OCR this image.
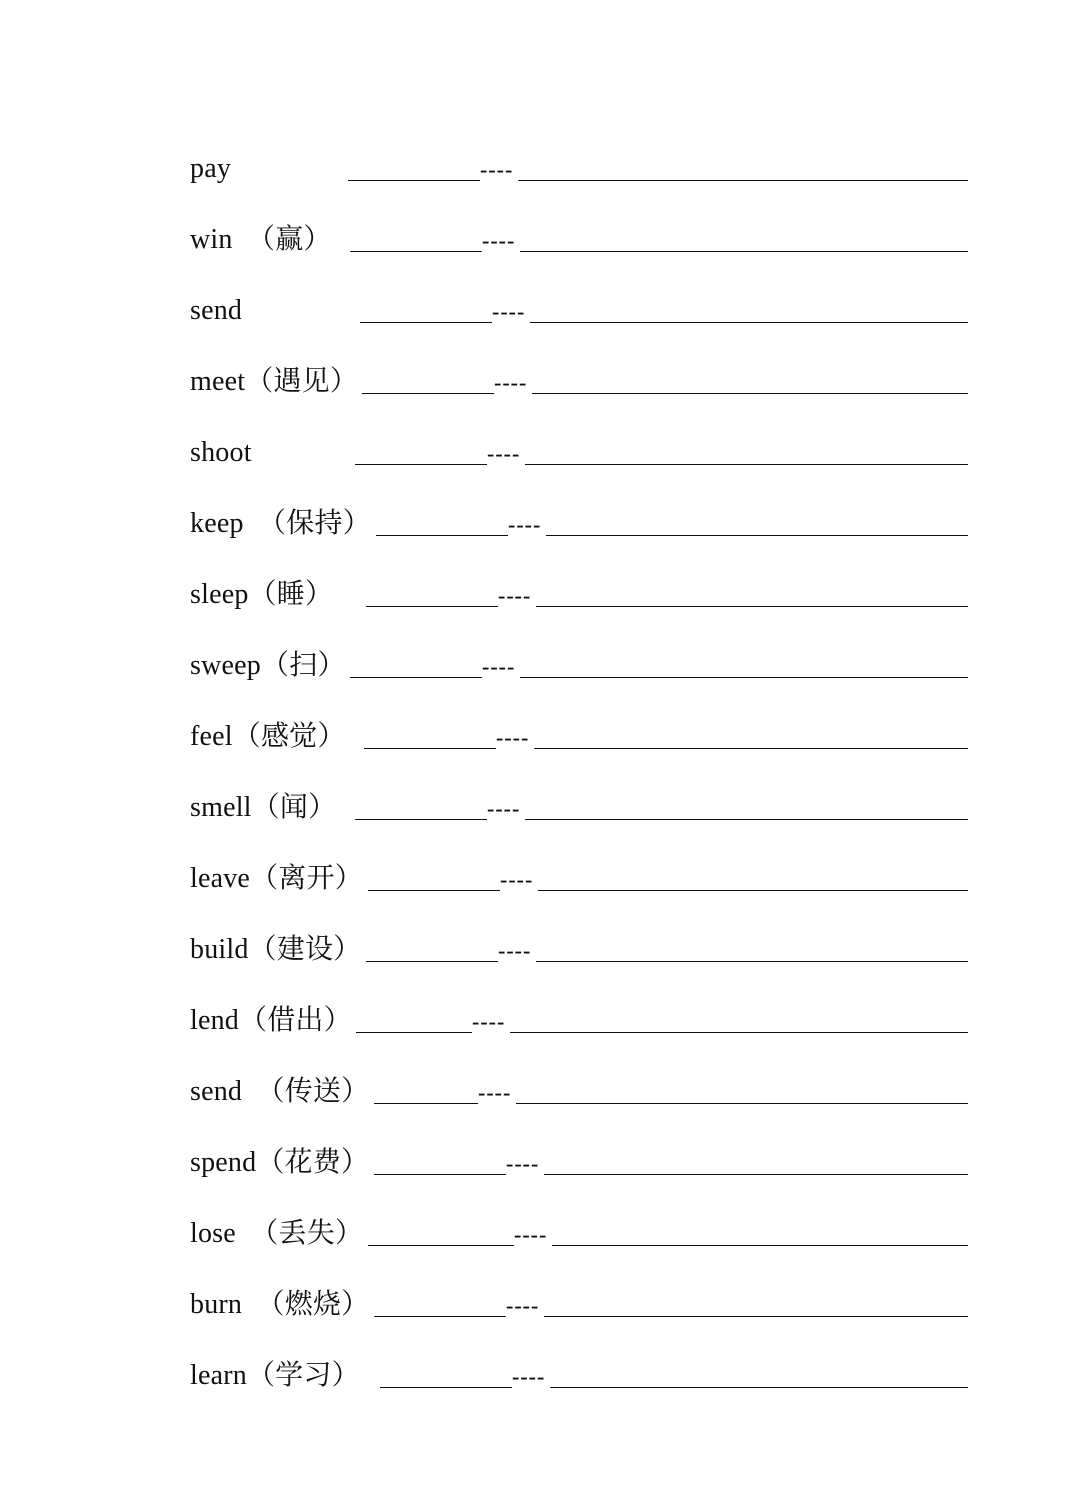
pay	----
win  （赢）	----
send	----
meet（遇见）	----
shoot	----
keep  （保持）	----
sleep（睡）	----
sweep（扫）	----
feel（感觉）	----
smell（闻）	----
leave（离开）	----
build（建设）	----
lend（借出）	----
send  （传送）	----
spend（花费）	----
lose  （丢失）	----
burn  （燃烧）	----
learn（学习）	----
